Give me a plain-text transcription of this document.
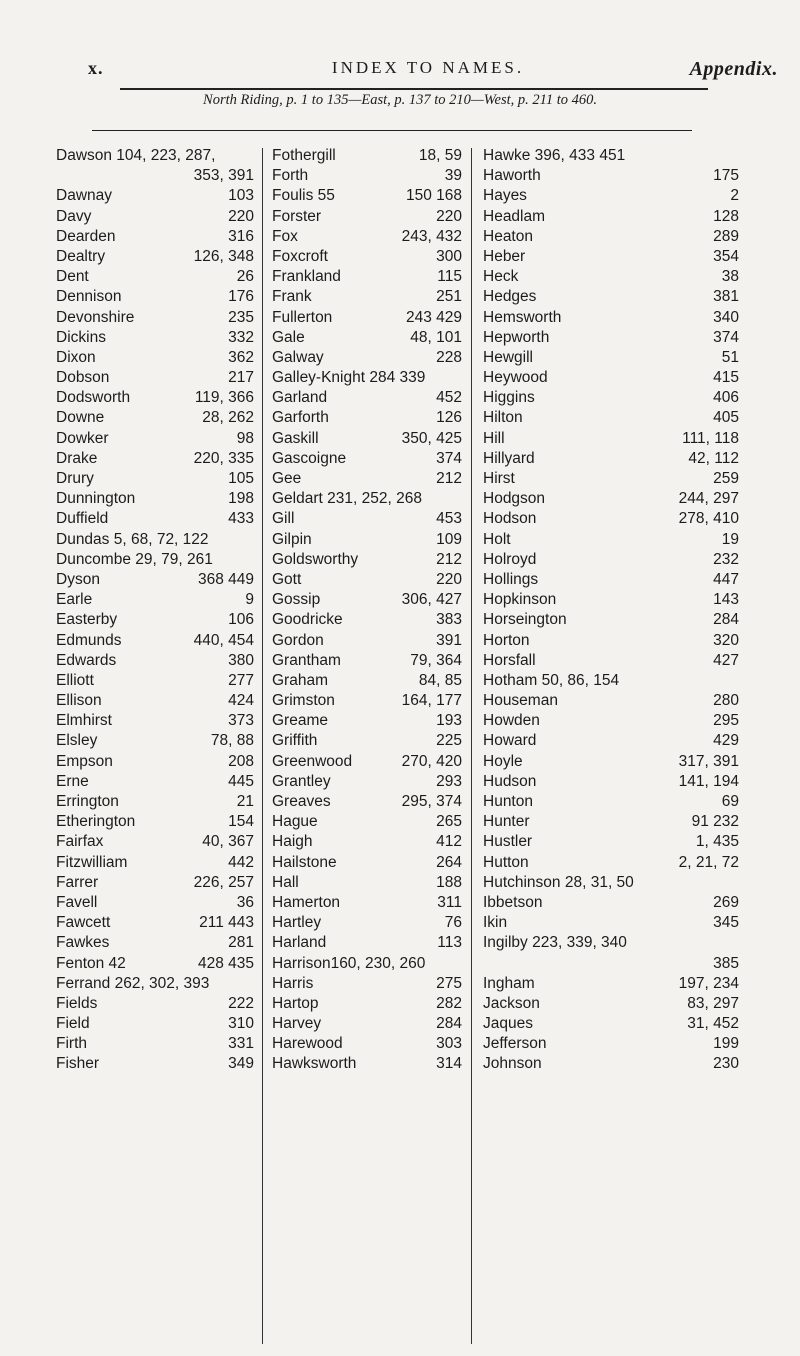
x.	INDEX TO NAMES.	Appendix.
North Riding, p. 1 to 135—East, p. 137 to 210—West, p. 211 to 460.
Dawson 104, 223, 287,
353, 391
Dawnay	103
Davy	220
Dearden	316
Dealtry	126, 348
Dent	26
Dennison	176
Devonshire	235
Dickins	332
Dixon	362
Dobson	217
Dodsworth	119, 366
Downe	28, 262
Dowker	98
Drake	220, 335
Drury	105
Dunnington	198
Duffield	433
Dundas 5, 68, 72, 122
Duncombe 29, 79, 261
Dyson	368 449
Earle	9
Easterby	106
Edmunds	440, 454
Edwards	380
Elliott	277
Ellison	424
Elmhirst	373
Elsley	78, 88
Empson	208
Erne	445
Errington	21
Etherington	154
Fairfax	40, 367
Fitzwilliam	442
Farrer	226, 257
Favell	36
Fawcett	211 443
Fawkes	281
Fenton 42	428 435
Ferrand 262, 302, 393
Fields	222
Field	310
Firth	331
Fisher	349
Fothergill	18, 59
Forth	39
Foulis 55	150 168
Forster	220
Fox	243, 432
Foxcroft	300
Frankland	115
Frank	251
Fullerton	243 429
Gale	48, 101
Galway	228
Galley-Knight 284 339
Garland	452
Garforth	126
Gaskill	350, 425
Gascoigne	374
Gee	212
Geldart 231, 252, 268
Gill	453
Gilpin	109
Goldsworthy	212
Gott	220
Gossip	306, 427
Goodricke	383
Gordon	391
Grantham	79, 364
Graham	84, 85
Grimston	164, 177
Greame	193
Griffith	225
Greenwood	270, 420
Grantley	293
Greaves	295, 374
Hague	265
Haigh	412
Hailstone	264
Hall	188
Hamerton	311
Hartley	76
Harland	113
Harrison160, 230, 260
Harris	275
Hartop	282
Harvey	284
Harewood	303
Hawksworth	314
Hawke 396, 433 451
Haworth	175
Hayes	2
Headlam	128
Heaton	289
Heber	354
Heck	38
Hedges	381
Hemsworth	340
Hepworth	374
Hewgill	51
Heywood	415
Higgins	406
Hilton	405
Hill	111, 118
Hillyard	42, 112
Hirst	259
Hodgson	244, 297
Hodson	278, 410
Holt	19
Holroyd	232
Hollings	447
Hopkinson	143
Horseington	284
Horton	320
Horsfall	427
Hotham 50, 86, 154
Houseman	280
Howden	295
Howard	429
Hoyle	317, 391
Hudson	141, 194
Hunton	69
Hunter	91 232
Hustler	1, 435
Hutton	2, 21, 72
Hutchinson 28, 31, 50
Ibbetson	269
Ikin	345
Ingilby 223, 339, 340
385
Ingham	197, 234
Jackson	83, 297
Jaques	31, 452
Jefferson	199
Johnson	230
